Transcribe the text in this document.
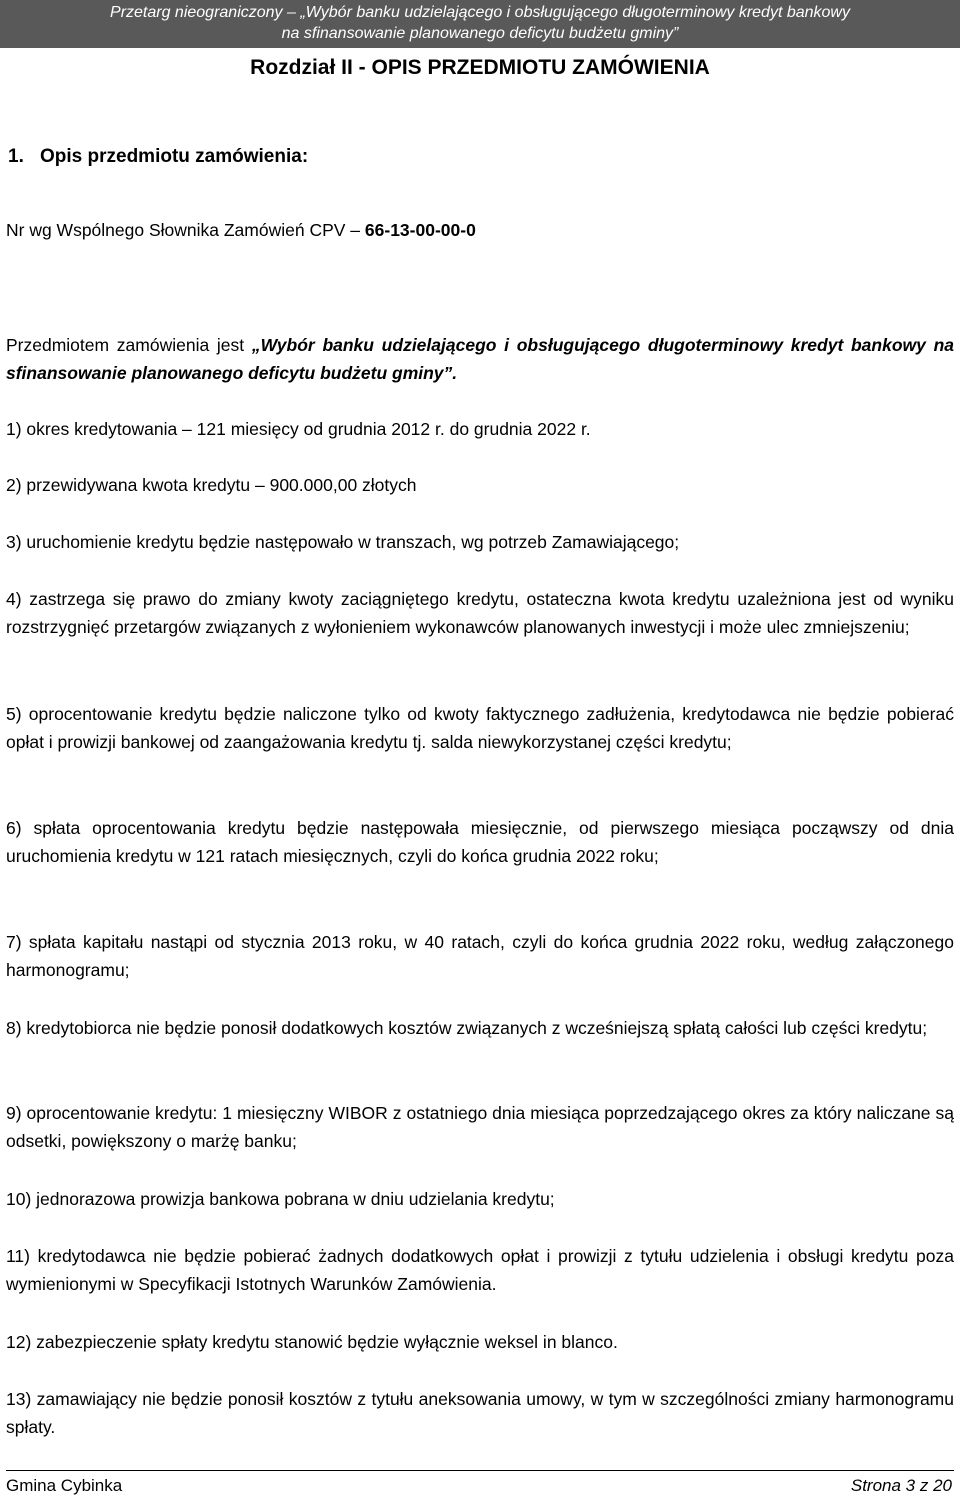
Przetarg nieograniczony – „Wybór banku udzielającego i obsługującego długoterminowy kredyt bankowy
na sfinansowanie planowanego deficytu budżetu gminy”
Rozdział II - OPIS PRZEDMIOTU ZAMÓWIENIA
1. Opis przedmiotu zamówienia:
Nr wg Wspólnego Słownika Zamówień CPV – 66-13-00-00-0
Przedmiotem zamówienia jest „Wybór banku udzielającego i obsługującego długoterminowy kredyt bankowy na sfinansowanie planowanego deficytu budżetu gminy”.
1) okres kredytowania – 121 miesięcy od grudnia 2012 r. do grudnia 2022 r.
2) przewidywana kwota kredytu – 900.000,00 złotych
3) uruchomienie kredytu będzie następowało w transzach, wg potrzeb Zamawiającego;
4) zastrzega się prawo do zmiany kwoty zaciągniętego kredytu, ostateczna kwota kredytu uzależniona jest od wyniku rozstrzygnięć przetargów związanych z wyłonieniem wykonawców planowanych inwestycji i może ulec zmniejszeniu;
5) oprocentowanie kredytu będzie naliczone tylko od kwoty faktycznego zadłużenia, kredytodawca nie będzie pobierać opłat i prowizji bankowej od zaangażowania kredytu tj. salda niewykorzystanej części kredytu;
6) spłata oprocentowania kredytu będzie następowała miesięcznie, od pierwszego miesiąca począwszy od dnia uruchomienia kredytu w 121 ratach miesięcznych, czyli do końca grudnia 2022 roku;
7) spłata kapitału nastąpi od stycznia 2013 roku, w 40 ratach, czyli do końca grudnia 2022 roku, według załączonego harmonogramu;
8) kredytobiorca nie będzie ponosił dodatkowych kosztów związanych z wcześniejszą spłatą całości lub części kredytu;
9) oprocentowanie kredytu: 1 miesięczny WIBOR z ostatniego dnia miesiąca poprzedzającego okres za który naliczane są odsetki, powiększony o marżę banku;
10) jednorazowa prowizja bankowa pobrana w dniu udzielania kredytu;
11) kredytodawca nie będzie pobierać żadnych dodatkowych opłat i prowizji z tytułu udzielenia i obsługi kredytu poza wymienionymi w Specyfikacji Istotnych Warunków Zamówienia.
12) zabezpieczenie spłaty kredytu stanowić będzie wyłącznie weksel in blanco.
13) zamawiający nie będzie ponosił kosztów z tytułu aneksowania umowy, w tym w szczególności zmiany harmonogramu spłaty.
Gmina Cybinka	Strona 3 z 20
